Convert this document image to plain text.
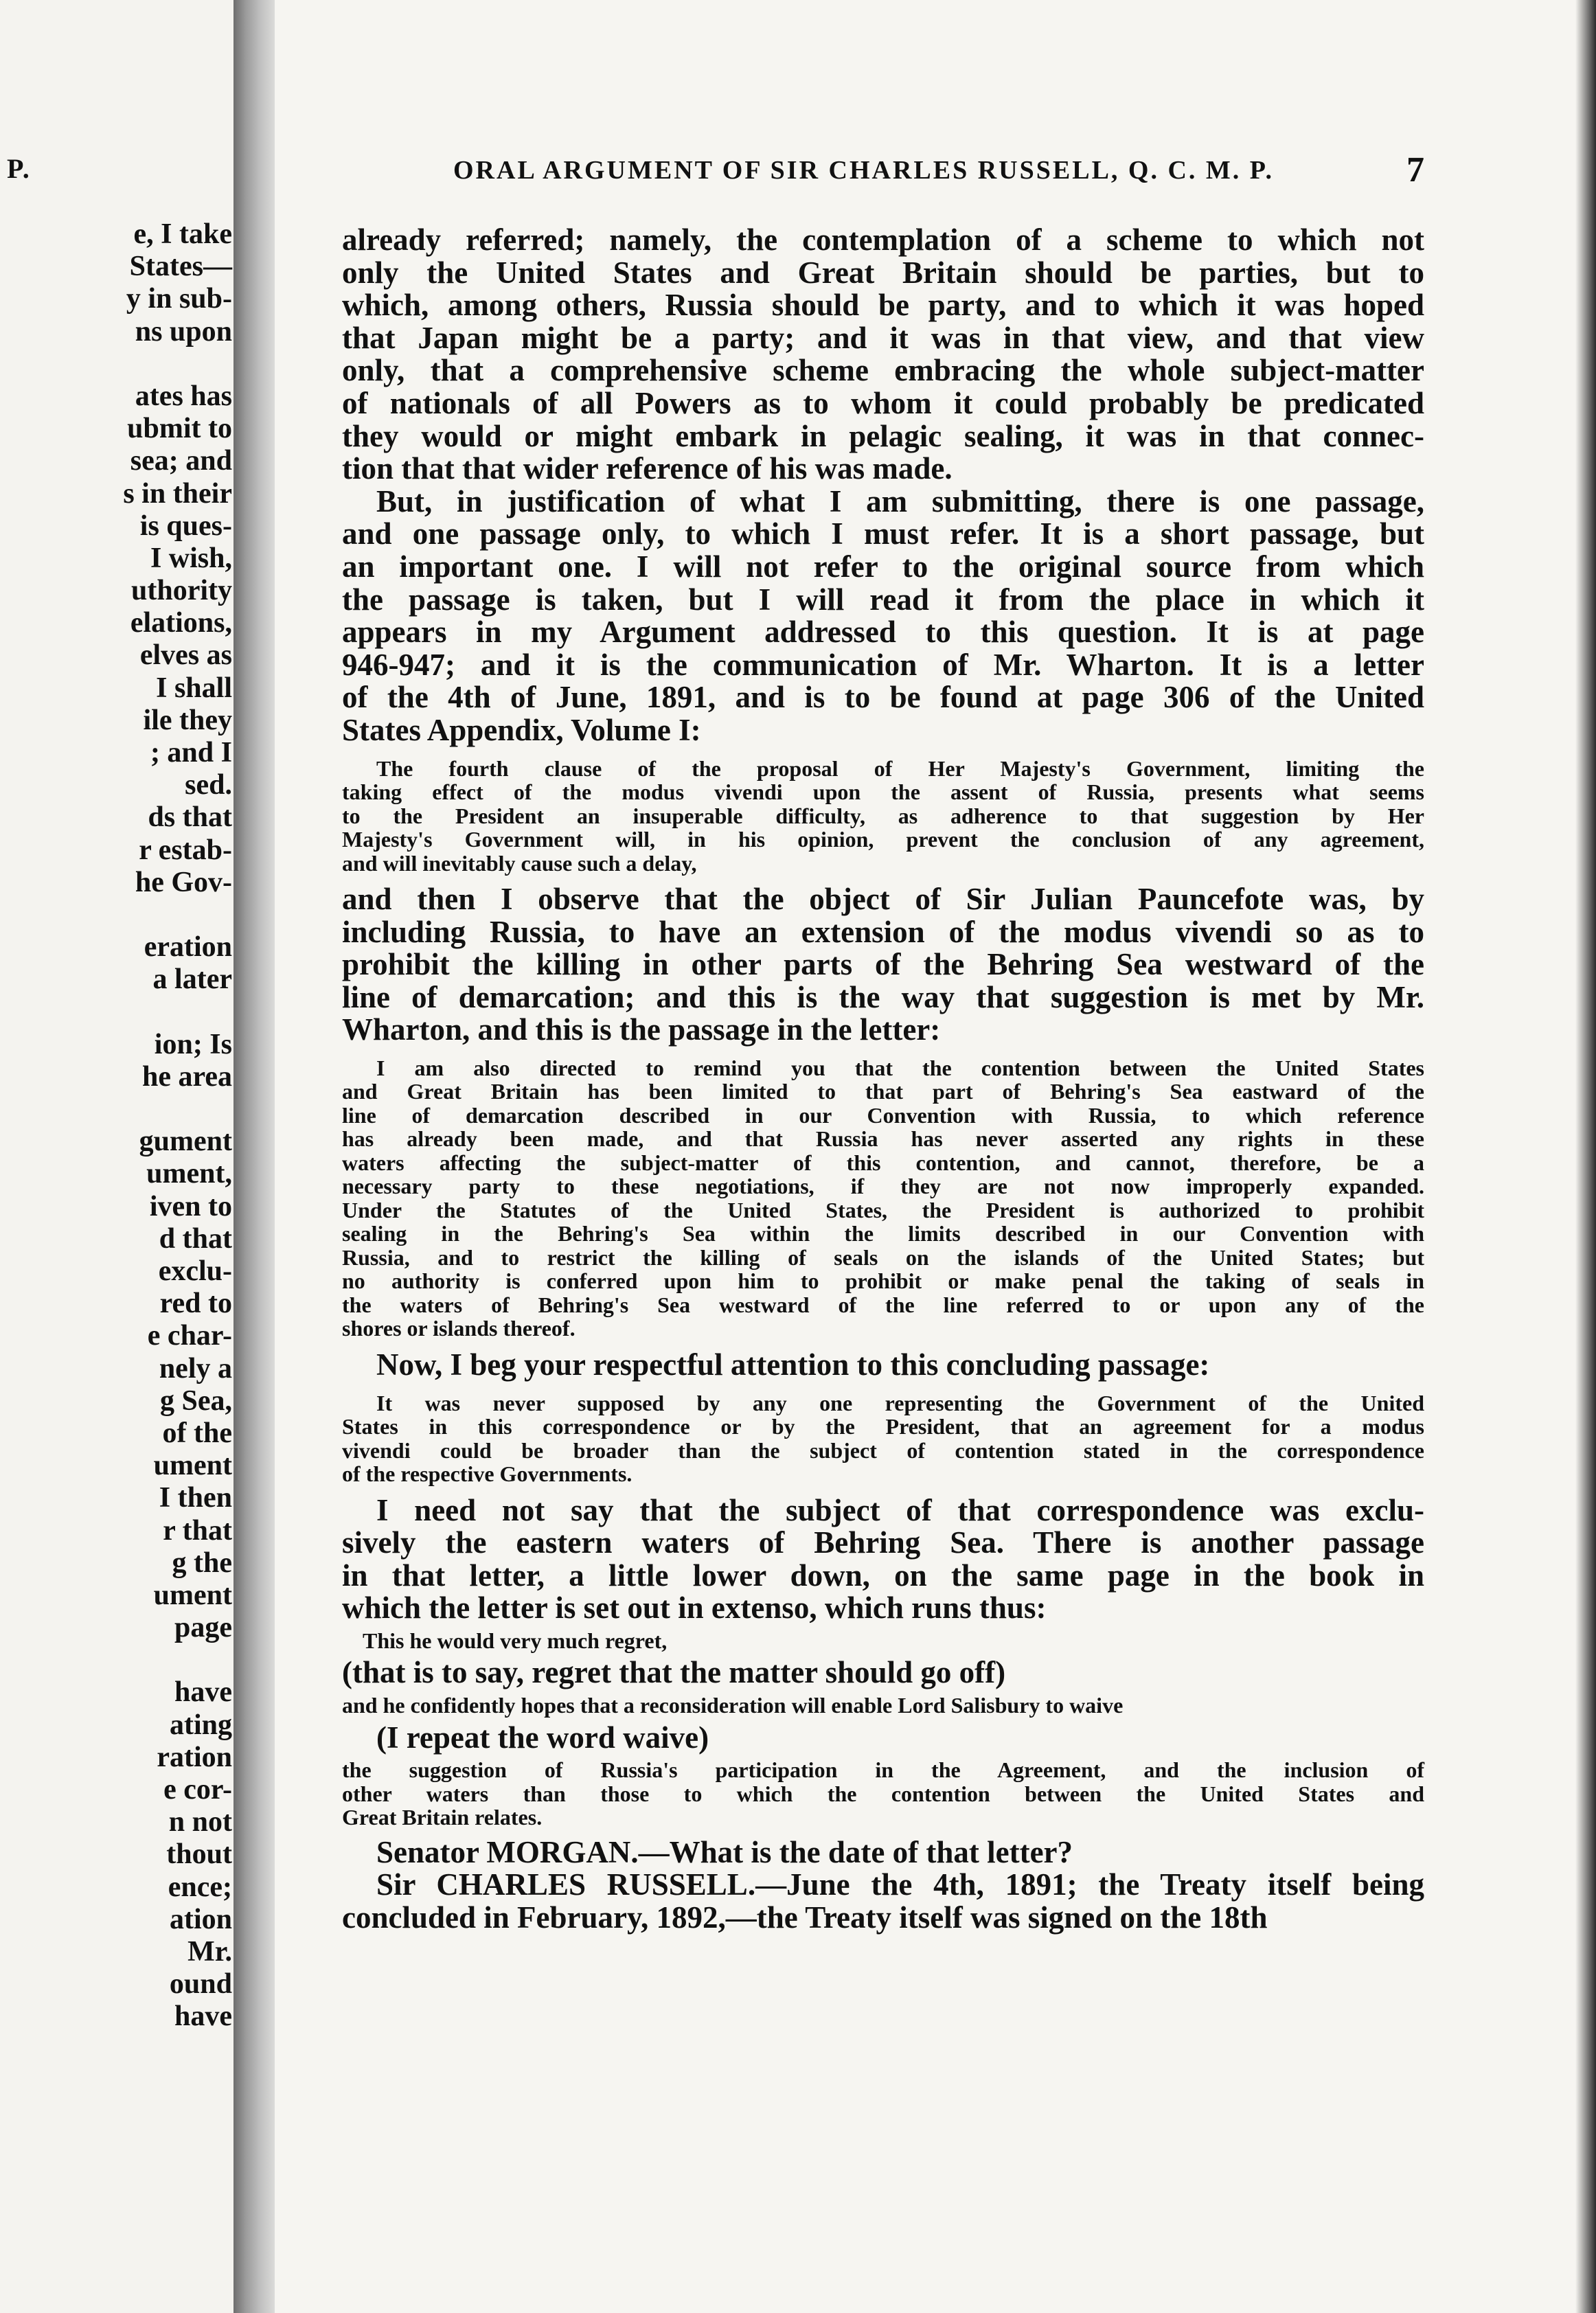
P.
e, I take
States—
y in sub-
ns upon
ates has
ubmit to
sea; and
s in their
is ques-
I wish,
uthority
elations,
elves as
I shall
ile they
; and I
sed.
ds that
r estab-
he Gov-
eration
a later
ion; Is
he area
gument
ument,
iven to
d that
exclu-
red to
e char-
nely a
g Sea,
of the
ument
I then
r that
g the
ument
page
have
ating
ration
e cor-
n not
thout
ence;
ation
Mr.
ound
have
ORAL ARGUMENT OF SIR CHARLES RUSSELL, Q. C. M. P.	7
already referred; namely, the contemplation of a scheme to which not
only the United States and Great Britain should be parties, but to
which, among others, Russia should be party, and to which it was hoped
that Japan might be a party; and it was in that view, and that view
only, that a comprehensive scheme embracing the whole subject-matter
of nationals of all Powers as to whom it could probably be predicated
they would or might embark in pelagic sealing, it was in that connec-
tion that that wider reference of his was made.
But, in justification of what I am submitting, there is one passage,
and one passage only, to which I must refer. It is a short passage, but
an important one. I will not refer to the original source from which
the passage is taken, but I will read it from the place in which it
appears in my Argument addressed to this question. It is at page
946-947; and it is the communication of Mr. Wharton. It is a letter
of the 4th of June, 1891, and is to be found at page 306 of the United
States Appendix, Volume I:
The fourth clause of the proposal of Her Majesty's Government, limiting the
taking effect of the modus vivendi upon the assent of Russia, presents what seems
to the President an insuperable difficulty, as adherence to that suggestion by Her
Majesty's Government will, in his opinion, prevent the conclusion of any agreement,
and will inevitably cause such a delay,
and then I observe that the object of Sir Julian Pauncefote was, by
including Russia, to have an extension of the modus vivendi so as to
prohibit the killing in other parts of the Behring Sea westward of the
line of demarcation; and this is the way that suggestion is met by Mr.
Wharton, and this is the passage in the letter:
I am also directed to remind you that the contention between the United States
and Great Britain has been limited to that part of Behring's Sea eastward of the
line of demarcation described in our Convention with Russia, to which reference
has already been made, and that Russia has never asserted any rights in these
waters affecting the subject-matter of this contention, and cannot, therefore, be a
necessary party to these negotiations, if they are not now improperly expanded.
Under the Statutes of the United States, the President is authorized to prohibit
sealing in the Behring's Sea within the limits described in our Convention with
Russia, and to restrict the killing of seals on the islands of the United States; but
no authority is conferred upon him to prohibit or make penal the taking of seals in
the waters of Behring's Sea westward of the line referred to or upon any of the
shores or islands thereof.
Now, I beg your respectful attention to this concluding passage:
It was never supposed by any one representing the Government of the United
States in this correspondence or by the President, that an agreement for a modus
vivendi could be broader than the subject of contention stated in the correspondence
of the respective Governments.
I need not say that the subject of that correspondence was exclu-
sively the eastern waters of Behring Sea. There is another passage
in that letter, a little lower down, on the same page in the book in
which the letter is set out in extenso, which runs thus:
This he would very much regret,
(that is to say, regret that the matter should go off)
and he confidently hopes that a reconsideration will enable Lord Salisbury to waive
(I repeat the word waive)
the suggestion of Russia's participation in the Agreement, and the inclusion of
other waters than those to which the contention between the United States and
Great Britain relates.
Senator MORGAN.—What is the date of that letter?
Sir CHARLES RUSSELL.—June the 4th, 1891; the Treaty itself being
concluded in February, 1892,—the Treaty itself was signed on the 18th
